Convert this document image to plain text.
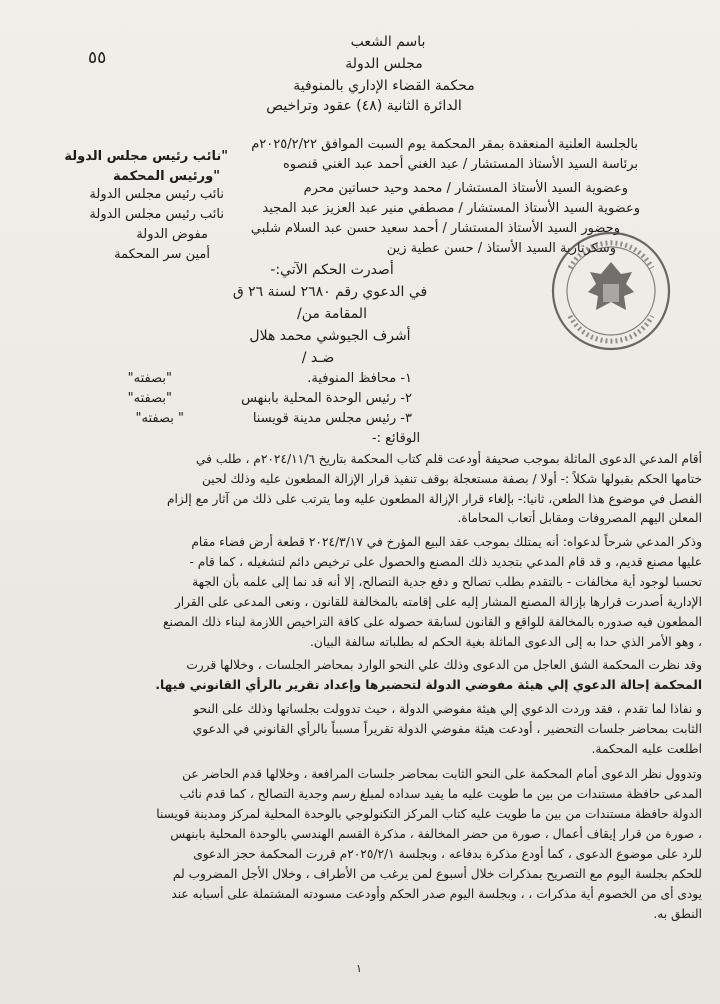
٥٥
باسم الشعب
مجلس الدولة
محكمة القضاء الإداري بالمنوفية
الدائرة الثانية (٤٨) عقود وتراخيص
بالجلسة العلنية المنعقدة بمقر المحكمة يوم السبت الموافق ٢٠٢٥/٢/٢٢م
برئاسة السيد الأستاذ المستشار / عبد الغني أحمد عبد الغني قنصوه
"نائب رئيس مجلس الدولة
"ورئيس المحكمة
نائب رئيس مجلس الدولة
نائب رئيس مجلس الدولة
مفوض الدولة
أمين سر المحكمة
وعضوية السيد الأستاذ المستشار / محمد وحيد حساتين محرم
وعضوية السيد الأستاذ المستشار / مصطفي منير عبد العزيز عبد المجيد
وحضور السيد الأستاذ المستشار / أحمد سعيد حسن عبد السلام شلبي
وسكرتارية السيد الأستاذ / حسن عطية زين
أصدرت الحكم الآتي:-
في الدعوي رقم ٢٦٨٠ لسنة ٢٦ ق
المقامة من/
أشرف الجيوشي محمد هلال
ضـد /
١- محافظ المنوفية.
"بصفته"
٢- رئيس الوحدة المحلية بابنهس
"بصفته"
٣- رئيس مجلس مدينة قويسنا
" بصفته"
الوقائع :-
أقام المدعي الدعوى الماثلة بموجب صحيفة أودعت قلم كتاب المحكمة بتاريخ ٢٠٢٤/١١/٦م ، طلب في
ختامها الحكم بقبولها شكلاً :- أولا / بصفة مستعجلة بوقف تنفيذ قرار الإزالة المطعون عليه وذلك لحين
الفصل في موضوع هذا الطعن، ثانيا:- بإلغاء قرار الإزالة المطعون عليه وما يترتب على ذلك من آثار مع إلزام
المعلن اليهم المصروفات ومقابل أتعاب المحاماة.
وذكر المدعي شرحاً لدعواه: أنه يمتلك بموجب عقد البيع المؤرخ في ٢٠٢٤/٣/١٧ قطعة أرض فضاء مقام
عليها مصنع قديم، و قد قام المدعي بتجديد ذلك المصنع والحصول على ترخيص دائم لتشغيله ، كما قام -
تحسبا لوجود أية مخالفات - بالتقدم بطلب تصالح و دفع جدية التصالح، إلا أنه قد نما إلى علمه بأن الجهة
الإدارية أصدرت قرارها بإزالة المصنع المشار إليه على إقامته بالمخالفة للقانون ، ونعى المدعى على القرار
المطعون فيه صدوره بالمخالفة للواقع و القانون لسابقة حصوله على كافة التراخيص اللازمة لبناء ذلك المصنع
، وهو الأمر الذي حدا به إلى الدعوى الماثلة بغية الحكم له بطلباته سالفة البيان.
وقد نظرت المحكمة الشق العاجل من الدعوى وذلك علي النحو الوارد بمحاضر الجلسات ، وخلالها قررت
المحكمة إحالة الدعوي إلي هيئة مفوضي الدولة لتحضيرها وإعداد تقرير بالرأي القانوني فيها.
و نفاذا لما تقدم ، فقد وردت الدعوي إلي هيئة مفوضي الدولة ، حيث تدوولت بجلساتها وذلك على النحو
الثابت بمحاضر جلسات التحضير ، أودعت هيئة مفوضي الدولة تقريراً مسبباً بالرأي القانوني في الدعوي
اطلعت عليه المحكمة.
وتدوول نظر الدعوى أمام المحكمة على النحو الثابت بمحاضر جلسات المرافعة ، وخلالها قدم الحاضر عن
المدعى حافظة مستندات من بين ما طويت عليه ما يفيد سداده لمبلغ رسم وجدية التصالح ، كما قدم نائب
الدولة حافظة مستندات من بين ما طويت عليه كتاب المركز التكنولوجي بالوحدة المحلية لمركز ومدينة قويسنا
، صورة من قرار إيقاف أعمال ، صورة من حضر المخالفة ، مذكرة القسم الهندسي بالوحدة المحلية بابنهس
للرد على موضوع الدعوى ، كما أودع مذكرة بدفاعه ، وبجلسة ٢٠٢٥/٢/١م قررت المحكمة حجز الدعوى
للحكم بجلسة اليوم مع التصريح بمذكرات خلال أسبوع لمن يرغب من الأطراف ، وخلال الأجل المضروب لم
يودى أى من الخصوم أية مذكرات ، ، وبجلسة اليوم صدر الحكم وأودعت مسودته المشتملة على أسبابه عند
النطق به.
١
